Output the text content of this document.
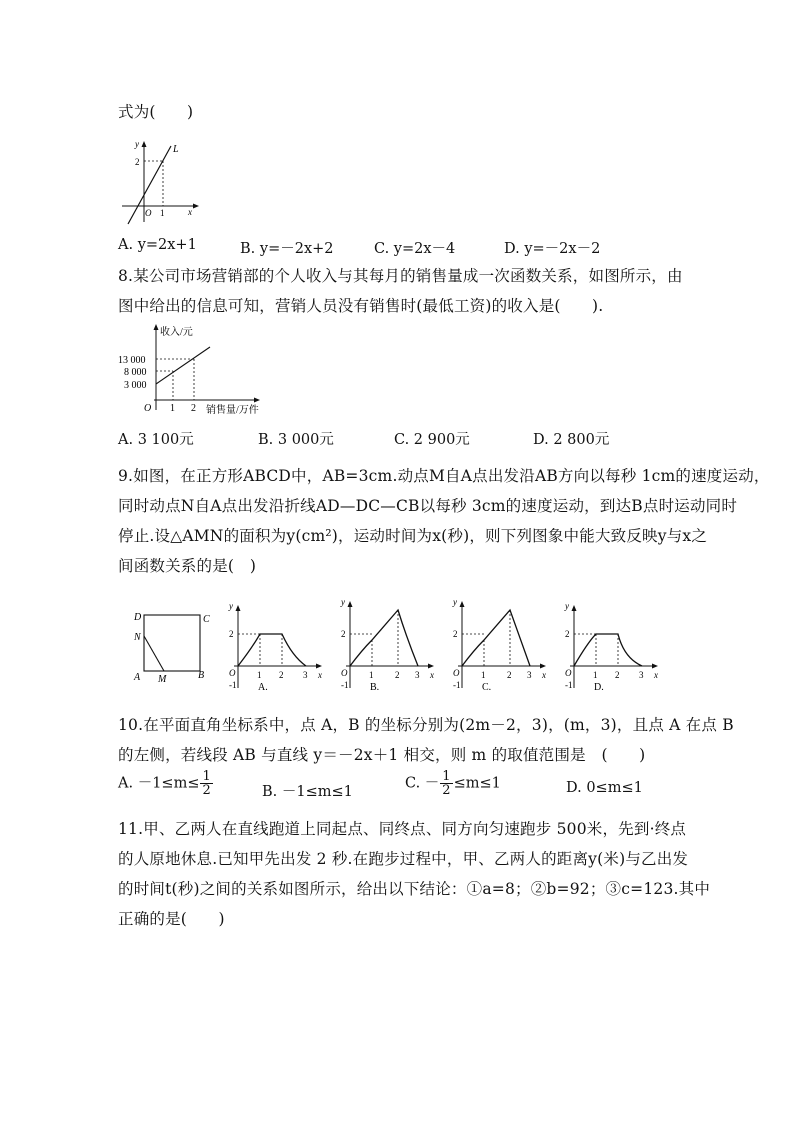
式为(　　)
y	L
2
O 1	x
A. y=2x+1	B. y=－2x+2	C. y=2x－4	D. y=－2x－2
8.某公司市场营销部的个人收入与其每月的销售量成一次函数关系，如图所示，由
图中给出的信息可知，营销人员没有销售时(最低工资)的收入是(　　).
收入/元
13 000
8 000
3 000
O 1 2 销售量/万件
A. 3 100元	B. 3 000元	C. 2 900元	D. 2 800元
9.如图，在正方形ABCD中，AB=3cm.动点M自A点出发沿AB方向以每秒 1cm的速度运动，
同时动点N自A点出发沿折线AD—DC—CB以每秒 3cm的速度运动，到达B点时运动同时
停止.设△AMN的面积为y(cm²)，运动时间为x(秒)，则下列图象中能大致反映y与x之
间函数关系的是(　)
D	C
N
A M	B
y
2
O
-1
1 2 3 x
A.
y
2
O
-1
1 2 3 x
B.
y
2
O
-1
1 2 3 x
C.
y
2
O
-1
1 2 3 x
D.
10.在平面直角坐标系中，点 A，B 的坐标分别为(2m－2，3)，(m，3)，且点 A 在点 B
的左侧，若线段 AB 与直线 y＝－2x＋1 相交，则 m 的取值范围是　(　　)
A. $-1\le m\le \frac{1}{2}$	B. －1≤m≤1
C. － $\frac{1}{2} \le m\le 1$	D. 0≤m≤1
11.甲、乙两人在直线跑道上同起点、同终点、同方向匀速跑步 500米，先到·终点
的人原地休息.已知甲先出发 2 秒.在跑步过程中，甲、乙两人的距离y(米)与乙出发
的时间t(秒)之间的关系如图所示，给出以下结论：①a=8；②b=92；③c=123.其中
正确的是(　　)
